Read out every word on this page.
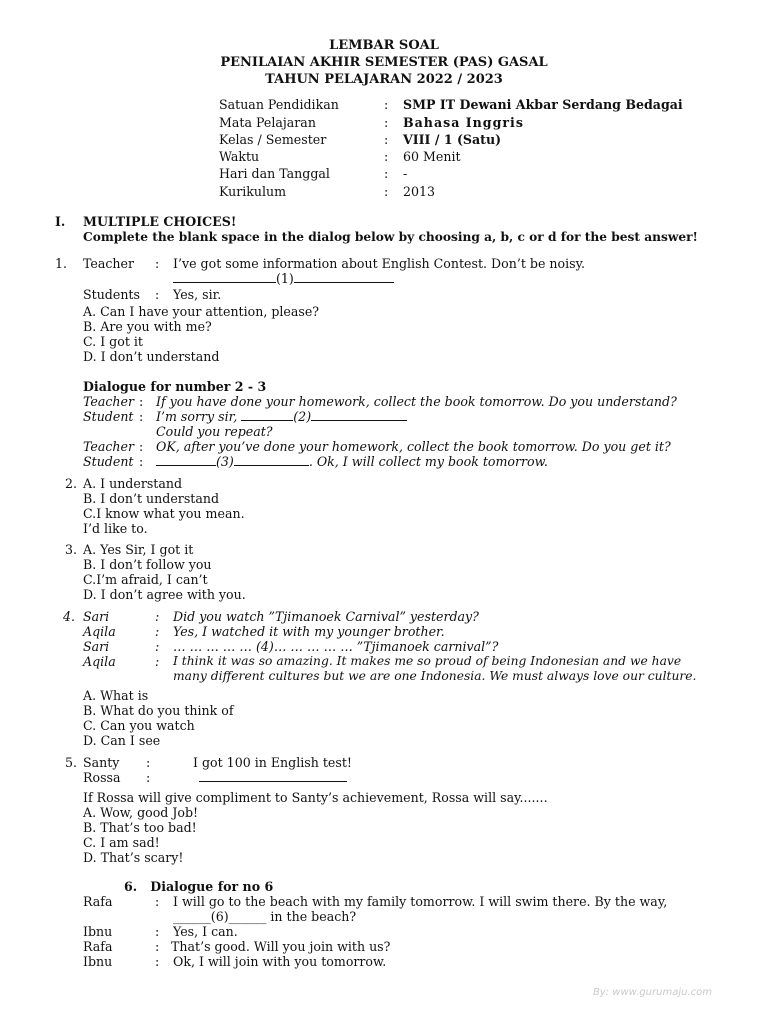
LEMBAR SOAL
PENILAIAN AKHIR SEMESTER (PAS) GASAL
TAHUN PELAJARAN 2022 / 2023
Satuan Pendidikan	: SMP IT Dewani Akbar Serdang Bedagai
Mata Pelajaran	: Bahasa Inggris
Kelas / Semester	: VIII / 1 (Satu)
Waktu	: 60 Menit
Hari dan Tanggal	: -
Kurikulum	: 2013
I. MULTIPLE CHOICES!
Complete the blank space in the dialog below by choosing a, b, c or d for the best answer!
1. Teacher : I’ve got some information about English Contest. Don’t be noisy.
(1)
Students : Yes, sir.
A. Can I have your attention, please?
B. Are you with me?
C. I got it
D. I don’t understand
Dialogue for number 2 - 3
Teacher : If you have done your homework, collect the book tomorrow. Do you understand?
Student : I’m sorry sir,	(2)
Could you repeat?
Teacher : OK, after you’ve done your homework, collect the book tomorrow. Do you get it?
Student :	(3)	. Ok, I will collect my book tomorrow.
2. A. I understand
B. I don’t understand
C.I know what you mean.
I’d like to.
3. A. Yes Sir, I got it
B. I don’t follow you
C.I’m afraid, I can’t
D. I don’t agree with you.
4. Sari	: Did you watch ”Tjimanoek Carnival” yesterday?
Aqila	: Yes, I watched it with my younger brother.
Sari	: … … … … … (4)… … … … … ”Tjimanoek carnival”?
Aqila	: I think it was so amazing. It makes me so proud of being Indonesian and we have
many different cultures but we are one Indonesia. We must always love our culture.
A. What is
B. What do you think of
C. Can you watch
D. Can I see
5. Santy :	I got 100 in English test!
Rossa :
If Rossa will give compliment to Santy’s achievement, Rossa will say.......
A. Wow, good Job!
B. That’s too bad!
C. I am sad!
D. That’s scary!
6.   Dialogue for no 6
Rafa	: I will go to the beach with my family tomorrow. I will swim there. By the way,
______(6)______ in the beach?
Ibnu	: Yes, I can.
Rafa	: That’s good. Will you join with us?
Ibnu	: Ok, I will join with you tomorrow.
By: www.gurumaju.com
